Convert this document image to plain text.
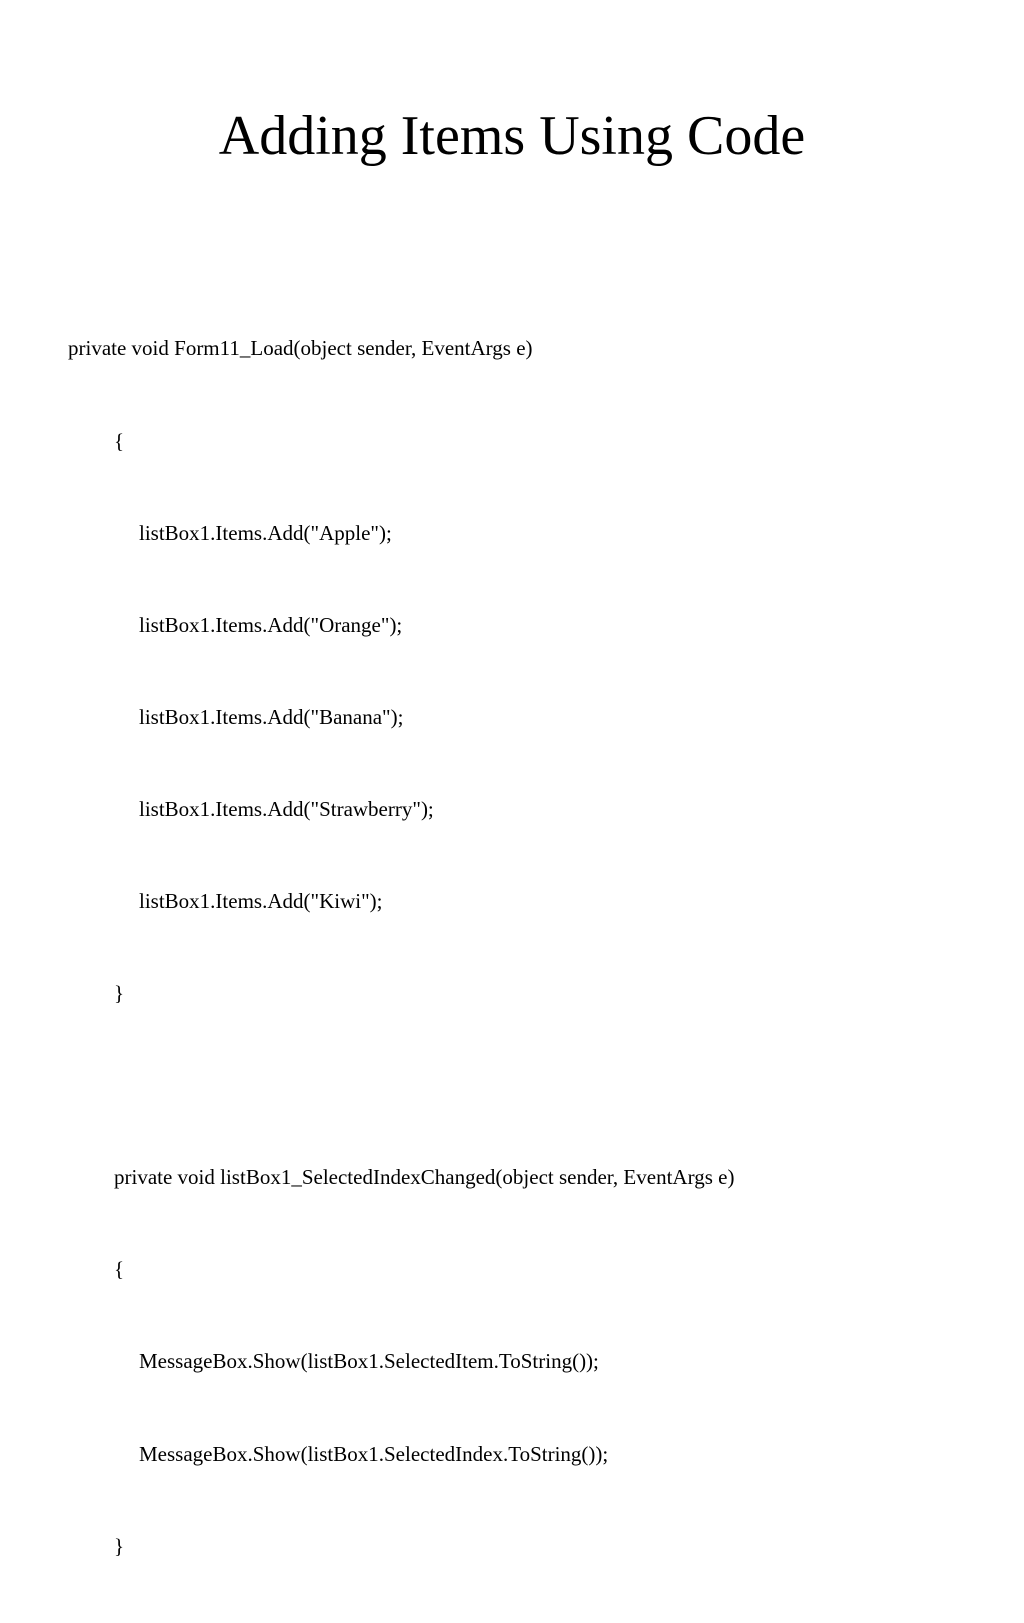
Adding Items Using Code

private void Form11_Load(object sender, EventArgs e)

{

listBox1.Items.Add("Apple");

listBox1.Items.Add("Orange");

listBox1.Items.Add("Banana");

listBox1.Items.Add("Strawberry");

listBox1.Items.Add("Kiwi");

}

private void listBox1_SelectedIndexChanged(object sender, EventArgs e)

{

MessageBox.Show(listBox1.SelectedItem.ToString());

MessageBox.Show(listBox1.SelectedIndex.ToString());

}
